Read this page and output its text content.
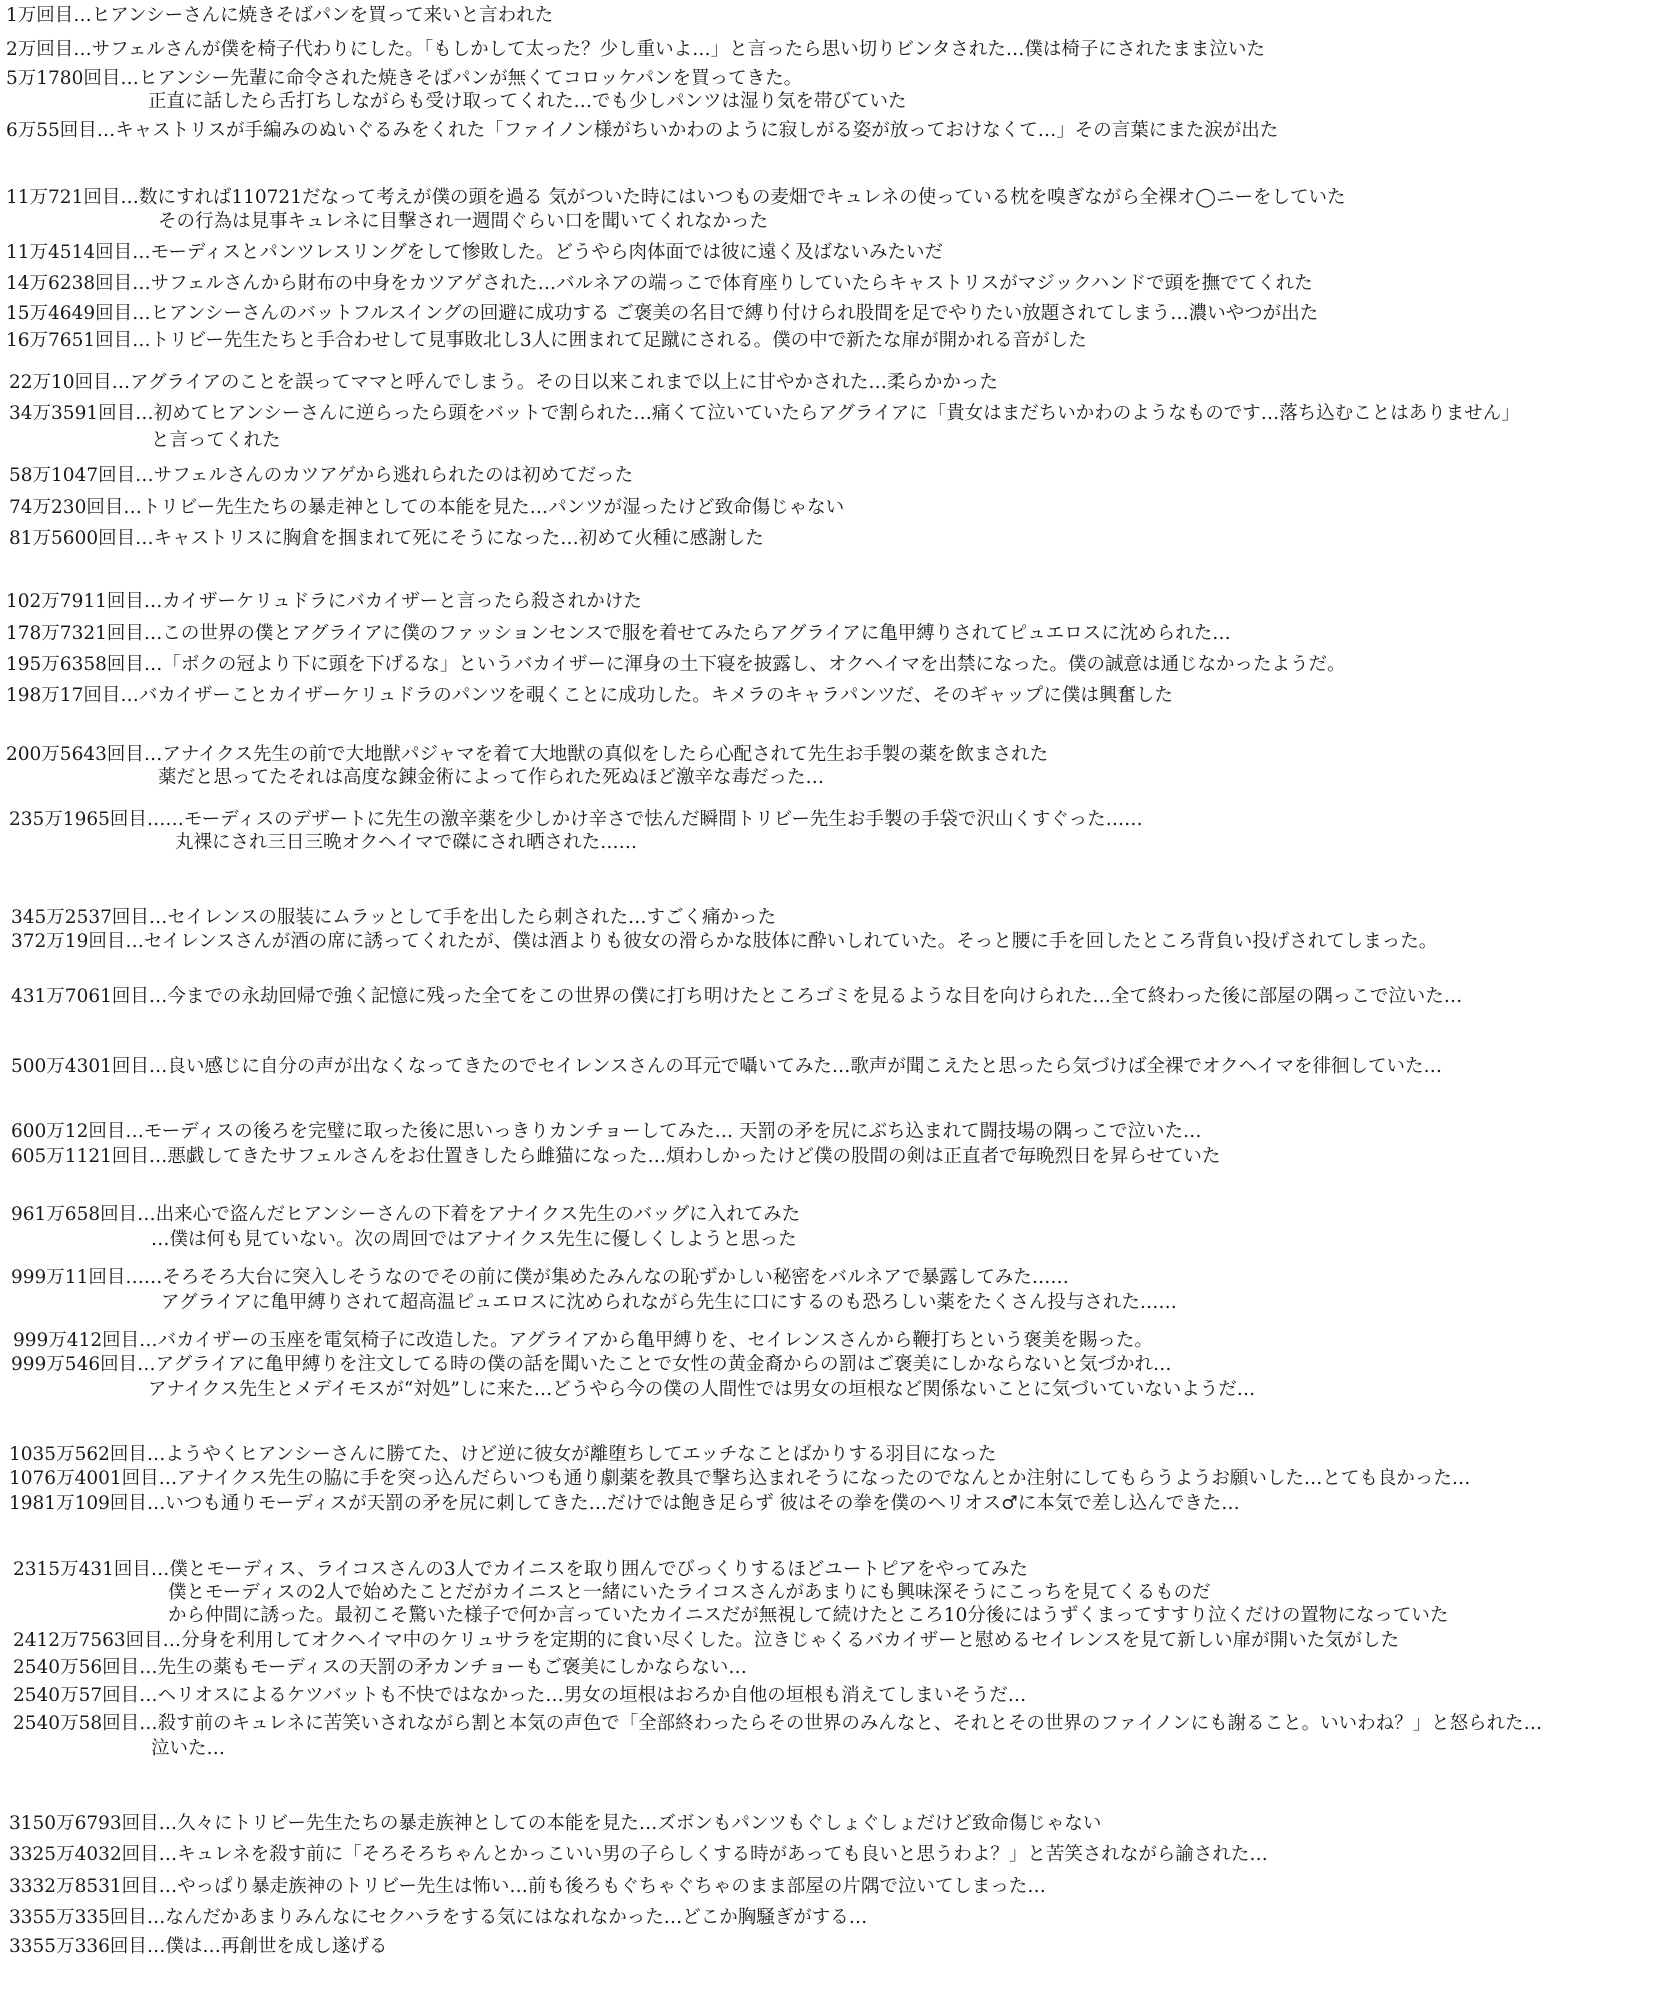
1万回目…ヒアンシーさんに焼きそばパンを買って来いと言われた
2万回目…サフェルさんが僕を椅子代わりにした。「もしかして太った？少し重いよ…」と言ったら思い切りビンタされた…僕は椅子にされたまま泣いた
5万1780回目…ヒアンシー先輩に命令された焼きそばパンが無くてコロッケパンを買ってきた。
正直に話したら舌打ちしながらも受け取ってくれた…でも少しパンツは湿り気を帯びていた
6万55回目…キャストリスが手編みのぬいぐるみをくれた「ファイノン様がちいかわのように寂しがる姿が放っておけなくて…」その言葉にまた涙が出た
11万721回目…数にすれば110721だなって考えが僕の頭を過る 気がついた時にはいつもの麦畑でキュレネの使っている枕を嗅ぎながら全裸オ◯ニーをしていた
その行為は見事キュレネに目撃され一週間ぐらい口を聞いてくれなかった
11万4514回目…モーディスとパンツレスリングをして惨敗した。どうやら肉体面では彼に遠く及ばないみたいだ
14万6238回目…サフェルさんから財布の中身をカツアゲされた…バルネアの端っこで体育座りしていたらキャストリスがマジックハンドで頭を撫でてくれた
15万4649回目…ヒアンシーさんのバットフルスイングの回避に成功する ご褒美の名目で縛り付けられ股間を足でやりたい放題されてしまう…濃いやつが出た
16万7651回目…トリビー先生たちと手合わせして見事敗北し3人に囲まれて足蹴にされる。僕の中で新たな扉が開かれる音がした
22万10回目…アグライアのことを誤ってママと呼んでしまう。その日以来これまで以上に甘やかされた…柔らかかった
34万3591回目…初めてヒアンシーさんに逆らったら頭をバットで割られた…痛くて泣いていたらアグライアに「貴女はまだちいかわのようなものです…落ち込むことはありません」
と言ってくれた
58万1047回目…サフェルさんのカツアゲから逃れられたのは初めてだった
74万230回目…トリビー先生たちの暴走神としての本能を見た…パンツが湿ったけど致命傷じゃない
81万5600回目…キャストリスに胸倉を掴まれて死にそうになった…初めて火種に感謝した
102万7911回目…カイザーケリュドラにバカイザーと言ったら殺されかけた
178万7321回目…この世界の僕とアグライアに僕のファッションセンスで服を着せてみたらアグライアに亀甲縛りされてピュエロスに沈められた…
195万6358回目…「ボクの冠より下に頭を下げるな」というバカイザーに渾身の土下寝を披露し、オクヘイマを出禁になった。僕の誠意は通じなかったようだ。
198万17回目…バカイザーことカイザーケリュドラのパンツを覗くことに成功した。キメラのキャラパンツだ、そのギャップに僕は興奮した
200万5643回目…アナイクス先生の前で大地獣パジャマを着て大地獣の真似をしたら心配されて先生お手製の薬を飲まされた
薬だと思ってたそれは高度な錬金術によって作られた死ぬほど激辛な毒だった…
235万1965回目……モーディスのデザートに先生の激辛薬を少しかけ辛さで怯んだ瞬間トリビー先生お手製の手袋で沢山くすぐった……
丸裸にされ三日三晩オクヘイマで磔にされ晒された……
345万2537回目…セイレンスの服装にムラッとして手を出したら刺された…すごく痛かった
372万19回目…セイレンスさんが酒の席に誘ってくれたが、僕は酒よりも彼女の滑らかな肢体に酔いしれていた。そっと腰に手を回したところ背負い投げされてしまった。
431万7061回目…今までの永劫回帰で強く記憶に残った全てをこの世界の僕に打ち明けたところゴミを見るような目を向けられた…全て終わった後に部屋の隅っこで泣いた…
500万4301回目…良い感じに自分の声が出なくなってきたのでセイレンスさんの耳元で囁いてみた…歌声が聞こえたと思ったら気づけば全裸でオクヘイマを徘徊していた…
600万12回目…モーディスの後ろを完璧に取った後に思いっきりカンチョーしてみた… 天罰の矛を尻にぶち込まれて闘技場の隅っこで泣いた…
605万1121回目…悪戯してきたサフェルさんをお仕置きしたら雌猫になった…煩わしかったけど僕の股間の剣は正直者で毎晩烈日を昇らせていた
961万658回目…出来心で盗んだヒアンシーさんの下着をアナイクス先生のバッグに入れてみた
…僕は何も見ていない。次の周回ではアナイクス先生に優しくしようと思った
999万11回目……そろそろ大台に突入しそうなのでその前に僕が集めたみんなの恥ずかしい秘密をバルネアで暴露してみた……
アグライアに亀甲縛りされて超高温ピュエロスに沈められながら先生に口にするのも恐ろしい薬をたくさん投与された……
999万412回目…バカイザーの玉座を電気椅子に改造した。アグライアから亀甲縛りを、セイレンスさんから鞭打ちという褒美を賜った。
999万546回目…アグライアに亀甲縛りを注文してる時の僕の話を聞いたことで女性の黄金裔からの罰はご褒美にしかならないと気づかれ…
アナイクス先生とメデイモスが“対処”しに来た…どうやら今の僕の人間性では男女の垣根など関係ないことに気づいていないようだ…
1035万562回目…ようやくヒアンシーさんに勝てた、けど逆に彼女が離堕ちしてエッチなことばかりする羽目になった
1076万4001回目…アナイクス先生の脇に手を突っ込んだらいつも通り劇薬を教具で撃ち込まれそうになったのでなんとか注射にしてもらうようお願いした…とても良かった…
1981万109回目…いつも通りモーディスが天罰の矛を尻に刺してきた…だけでは飽き足らず 彼はその拳を僕のヘリオス♂に本気で差し込んできた…
2315万431回目…僕とモーディス、ライコスさんの3人でカイニスを取り囲んでびっくりするほどユートピアをやってみた
僕とモーディスの2人で始めたことだがカイニスと一緒にいたライコスさんがあまりにも興味深そうにこっちを見てくるものだ
から仲間に誘った。最初こそ驚いた様子で何か言っていたカイニスだが無視して続けたところ10分後にはうずくまってすすり泣くだけの置物になっていた
2412万7563回目…分身を利用してオクヘイマ中のケリュサラを定期的に食い尽くした。泣きじゃくるバカイザーと慰めるセイレンスを見て新しい扉が開いた気がした
2540万56回目…先生の薬もモーディスの天罰の矛カンチョーもご褒美にしかならない…
2540万57回目…ヘリオスによるケツバットも不快ではなかった…男女の垣根はおろか自他の垣根も消えてしまいそうだ…
2540万58回目…殺す前のキュレネに苦笑いされながら割と本気の声色で「全部終わったらその世界のみんなと、それとその世界のファイノンにも謝ること。いいわね？」と怒られた…
泣いた…
3150万6793回目…久々にトリビー先生たちの暴走族神としての本能を見た…ズボンもパンツもぐしょぐしょだけど致命傷じゃない
3325万4032回目…キュレネを殺す前に「そろそろちゃんとかっこいい男の子らしくする時があっても良いと思うわよ？」と苦笑されながら諭された…
3332万8531回目…やっぱり暴走族神のトリビー先生は怖い…前も後ろもぐちゃぐちゃのまま部屋の片隅で泣いてしまった…
3355万335回目…なんだかあまりみんなにセクハラをする気にはなれなかった…どこか胸騒ぎがする…
3355万336回目…僕は…再創世を成し遂げる
